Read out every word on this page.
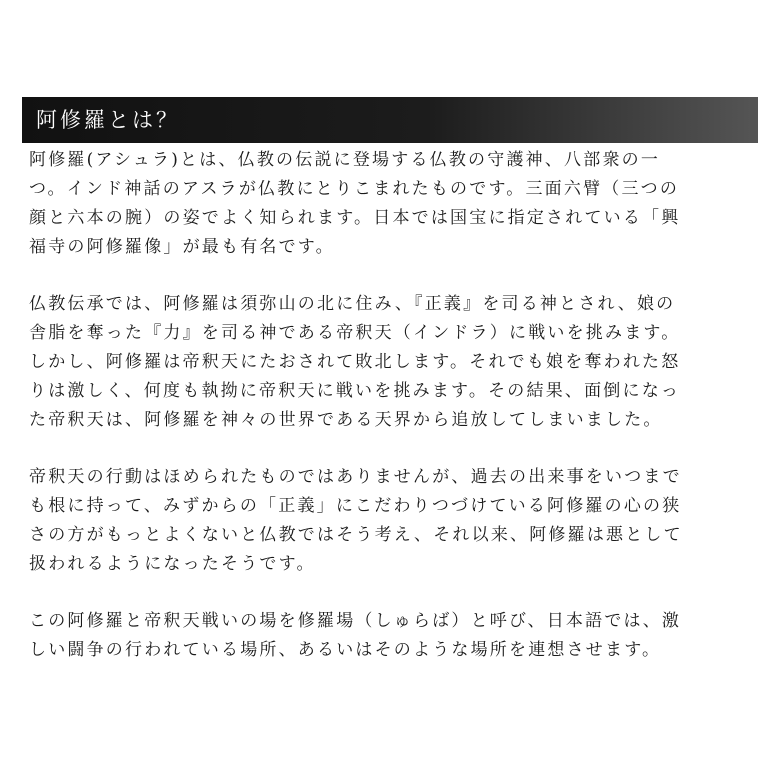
阿修羅とは？
阿修羅(アシュラ)とは、仏教の伝説に登場する仏教の守護神、八部衆の一
つ。インド神話のアスラが仏教にとりこまれたものです。三面六臂（三つの
顔と六本の腕）の姿でよく知られます。日本では国宝に指定されている「興
福寺の阿修羅像」が最も有名です。
仏教伝承では、阿修羅は須弥山の北に住み、『正義』を司る神とされ、娘の
舎脂を奪った『力』を司る神である帝釈天（インドラ）に戦いを挑みます。
しかし、阿修羅は帝釈天にたおされて敗北します。それでも娘を奪われた怒
りは激しく、何度も執拗に帝釈天に戦いを挑みます。その結果、面倒になっ
た帝釈天は、阿修羅を神々の世界である天界から追放してしまいました。
帝釈天の行動はほめられたものではありませんが、過去の出来事をいつまで
も根に持って、みずからの「正義」にこだわりつづけている阿修羅の心の狭
さの方がもっとよくないと仏教ではそう考え、それ以来、阿修羅は悪として
扱われるようになったそうです。
この阿修羅と帝釈天戦いの場を修羅場（しゅらば）と呼び、日本語では、激
しい闘争の行われている場所、あるいはそのような場所を連想させます。
